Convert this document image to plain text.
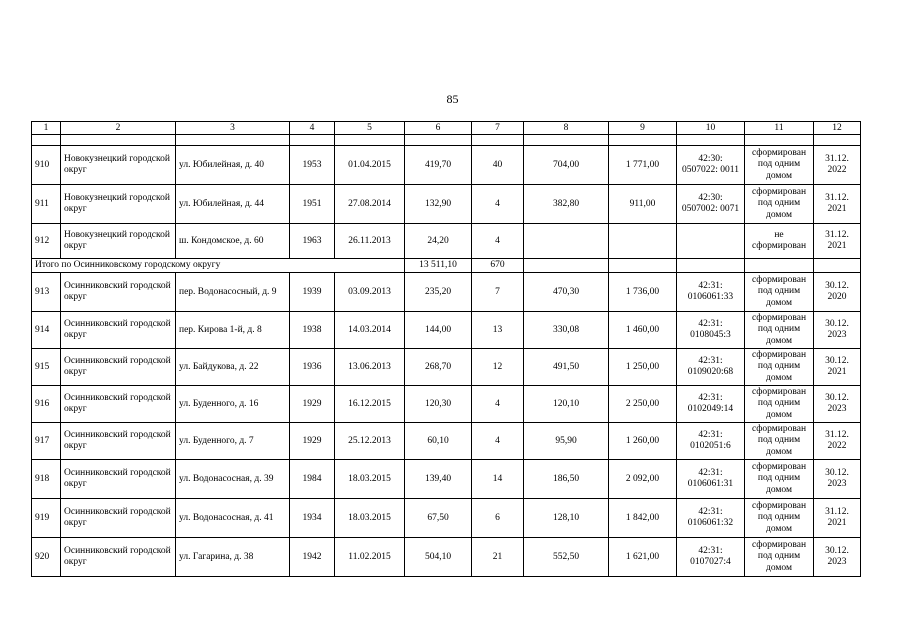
85
1	2	3	4	5	6	7	8	9	10	11	12

910	Новокузнецкий городской округ	ул. Юбилейная, д. 40	1953	01.04.2015	419,70	40	704,00	1 771,00	42:30: 0507022: 0011	сформирован под одним домом	31.12. 2022
911	Новокузнецкий городской округ	ул. Юбилейная, д. 44	1951	27.08.2014	132,90	4	382,80	911,00	42:30: 0507002: 0071	сформирован под одним домом	31.12. 2021
912	Новокузнецкий городской округ	ш. Кондомское, д. 60	1963	26.11.2013	24,20	4				не сформирован	31.12. 2021
Итого по Осинниковскому городскому округу					13 511,10	670					
913	Осинниковский городской округ	пер. Водонасосный, д. 9	1939	03.09.2013	235,20	7	470,30	1 736,00	42:31: 0106061:33	сформирован под одним домом	30.12. 2020
914	Осинниковский городской округ	пер. Кирова 1-й, д. 8	1938	14.03.2014	144,00	13	330,08	1 460,00	42:31: 0108045:3	сформирован под одним домом	30.12. 2023
915	Осинниковский городской округ	ул. Байдукова, д. 22	1936	13.06.2013	268,70	12	491,50	1 250,00	42:31: 0109020:68	сформирован под одним домом	30.12. 2021
916	Осинниковский городской округ	ул. Буденного, д. 16	1929	16.12.2015	120,30	4	120,10	2 250,00	42:31: 0102049:14	сформирован под одним домом	30.12. 2023
917	Осинниковский городской округ	ул. Буденного, д. 7	1929	25.12.2013	60,10	4	95,90	1 260,00	42:31: 0102051:6	сформирован под одним домом	31.12. 2022
918	Осинниковский городской округ	ул. Водонасосная, д. 39	1984	18.03.2015	139,40	14	186,50	2 092,00	42:31: 0106061:31	сформирован под одним домом	30.12. 2023
919	Осинниковский городской округ	ул. Водонасосная, д. 41	1934	18.03.2015	67,50	6	128,10	1 842,00	42:31: 0106061:32	сформирован под одним домом	31.12. 2021
920	Осинниковский городской округ	ул. Гагарина, д. 38	1942	11.02.2015	504,10	21	552,50	1 621,00	42:31: 0107027:4	сформирован под одним домом	30.12. 2023
